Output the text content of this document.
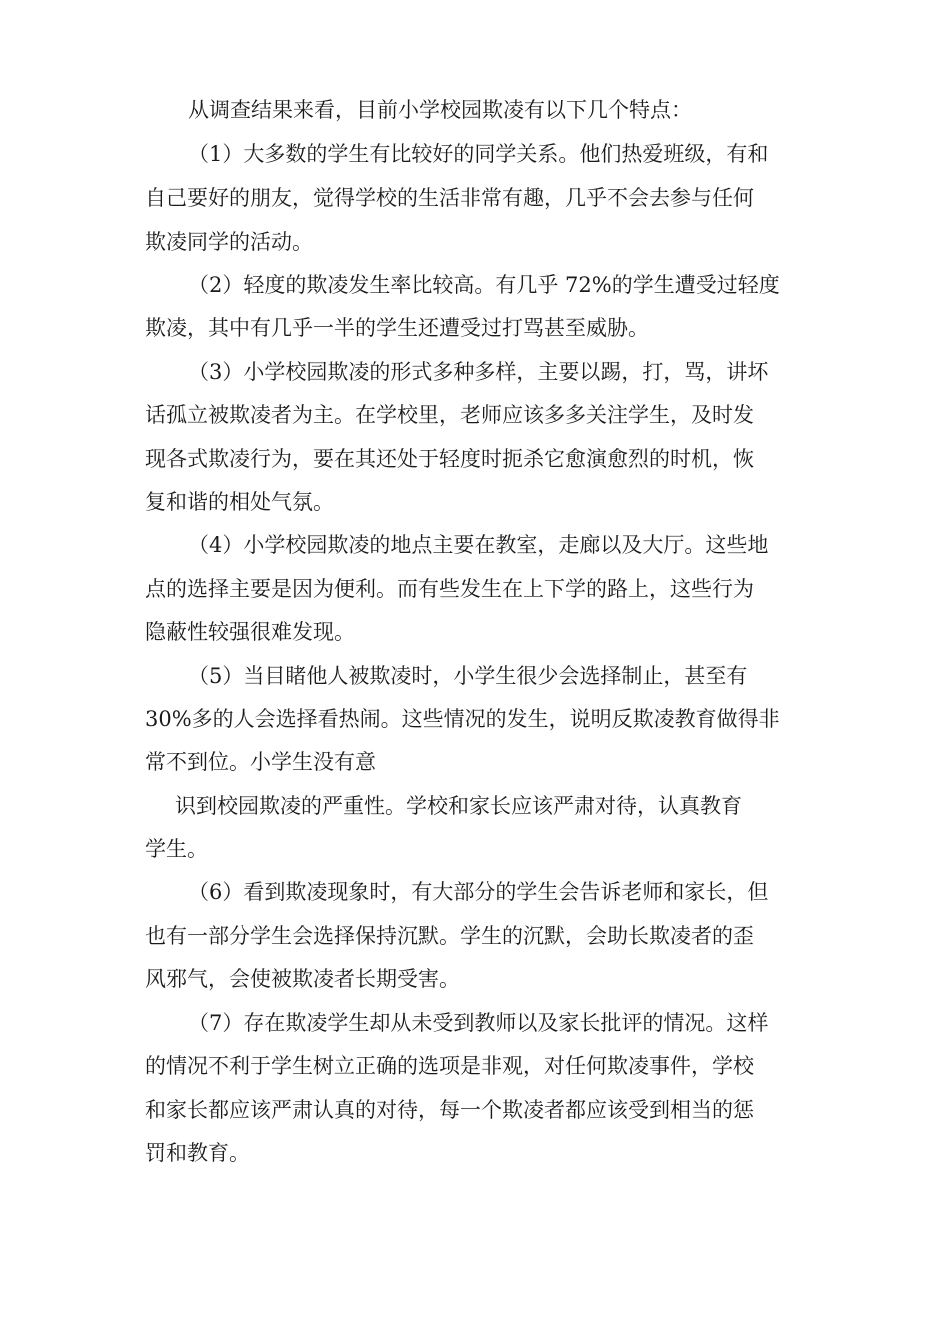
从调查结果来看，目前小学校园欺凌有以下几个特点：
（1）大多数的学生有比较好的同学关系。他们热爱班级，有和
自己要好的朋友，觉得学校的生活非常有趣，几乎不会去参与任何
欺凌同学的活动。
（2）轻度的欺凌发生率比较高。有几乎 72%的学生遭受过轻度
欺凌，其中有几乎一半的学生还遭受过打骂甚至威胁。
（3）小学校园欺凌的形式多种多样，主要以踢，打，骂，讲坏
话孤立被欺凌者为主。在学校里，老师应该多多关注学生，及时发
现各式欺凌行为，要在其还处于轻度时扼杀它愈演愈烈的时机，恢
复和谐的相处气氛。
（4）小学校园欺凌的地点主要在教室，走廊以及大厅。这些地
点的选择主要是因为便利。而有些发生在上下学的路上，这些行为
隐蔽性较强很难发现。
（5）当目睹他人被欺凌时，小学生很少会选择制止，甚至有
30%多的人会选择看热闹。这些情况的发生，说明反欺凌教育做得非
常不到位。小学生没有意
识到校园欺凌的严重性。学校和家长应该严肃对待，认真教育
学生。
（6）看到欺凌现象时，有大部分的学生会告诉老师和家长，但
也有一部分学生会选择保持沉默。学生的沉默，会助长欺凌者的歪
风邪气，会使被欺凌者长期受害。
（7）存在欺凌学生却从未受到教师以及家长批评的情况。这样
的情况不利于学生树立正确的选项是非观，对任何欺凌事件，学校
和家长都应该严肃认真的对待，每一个欺凌者都应该受到相当的惩
罚和教育。
